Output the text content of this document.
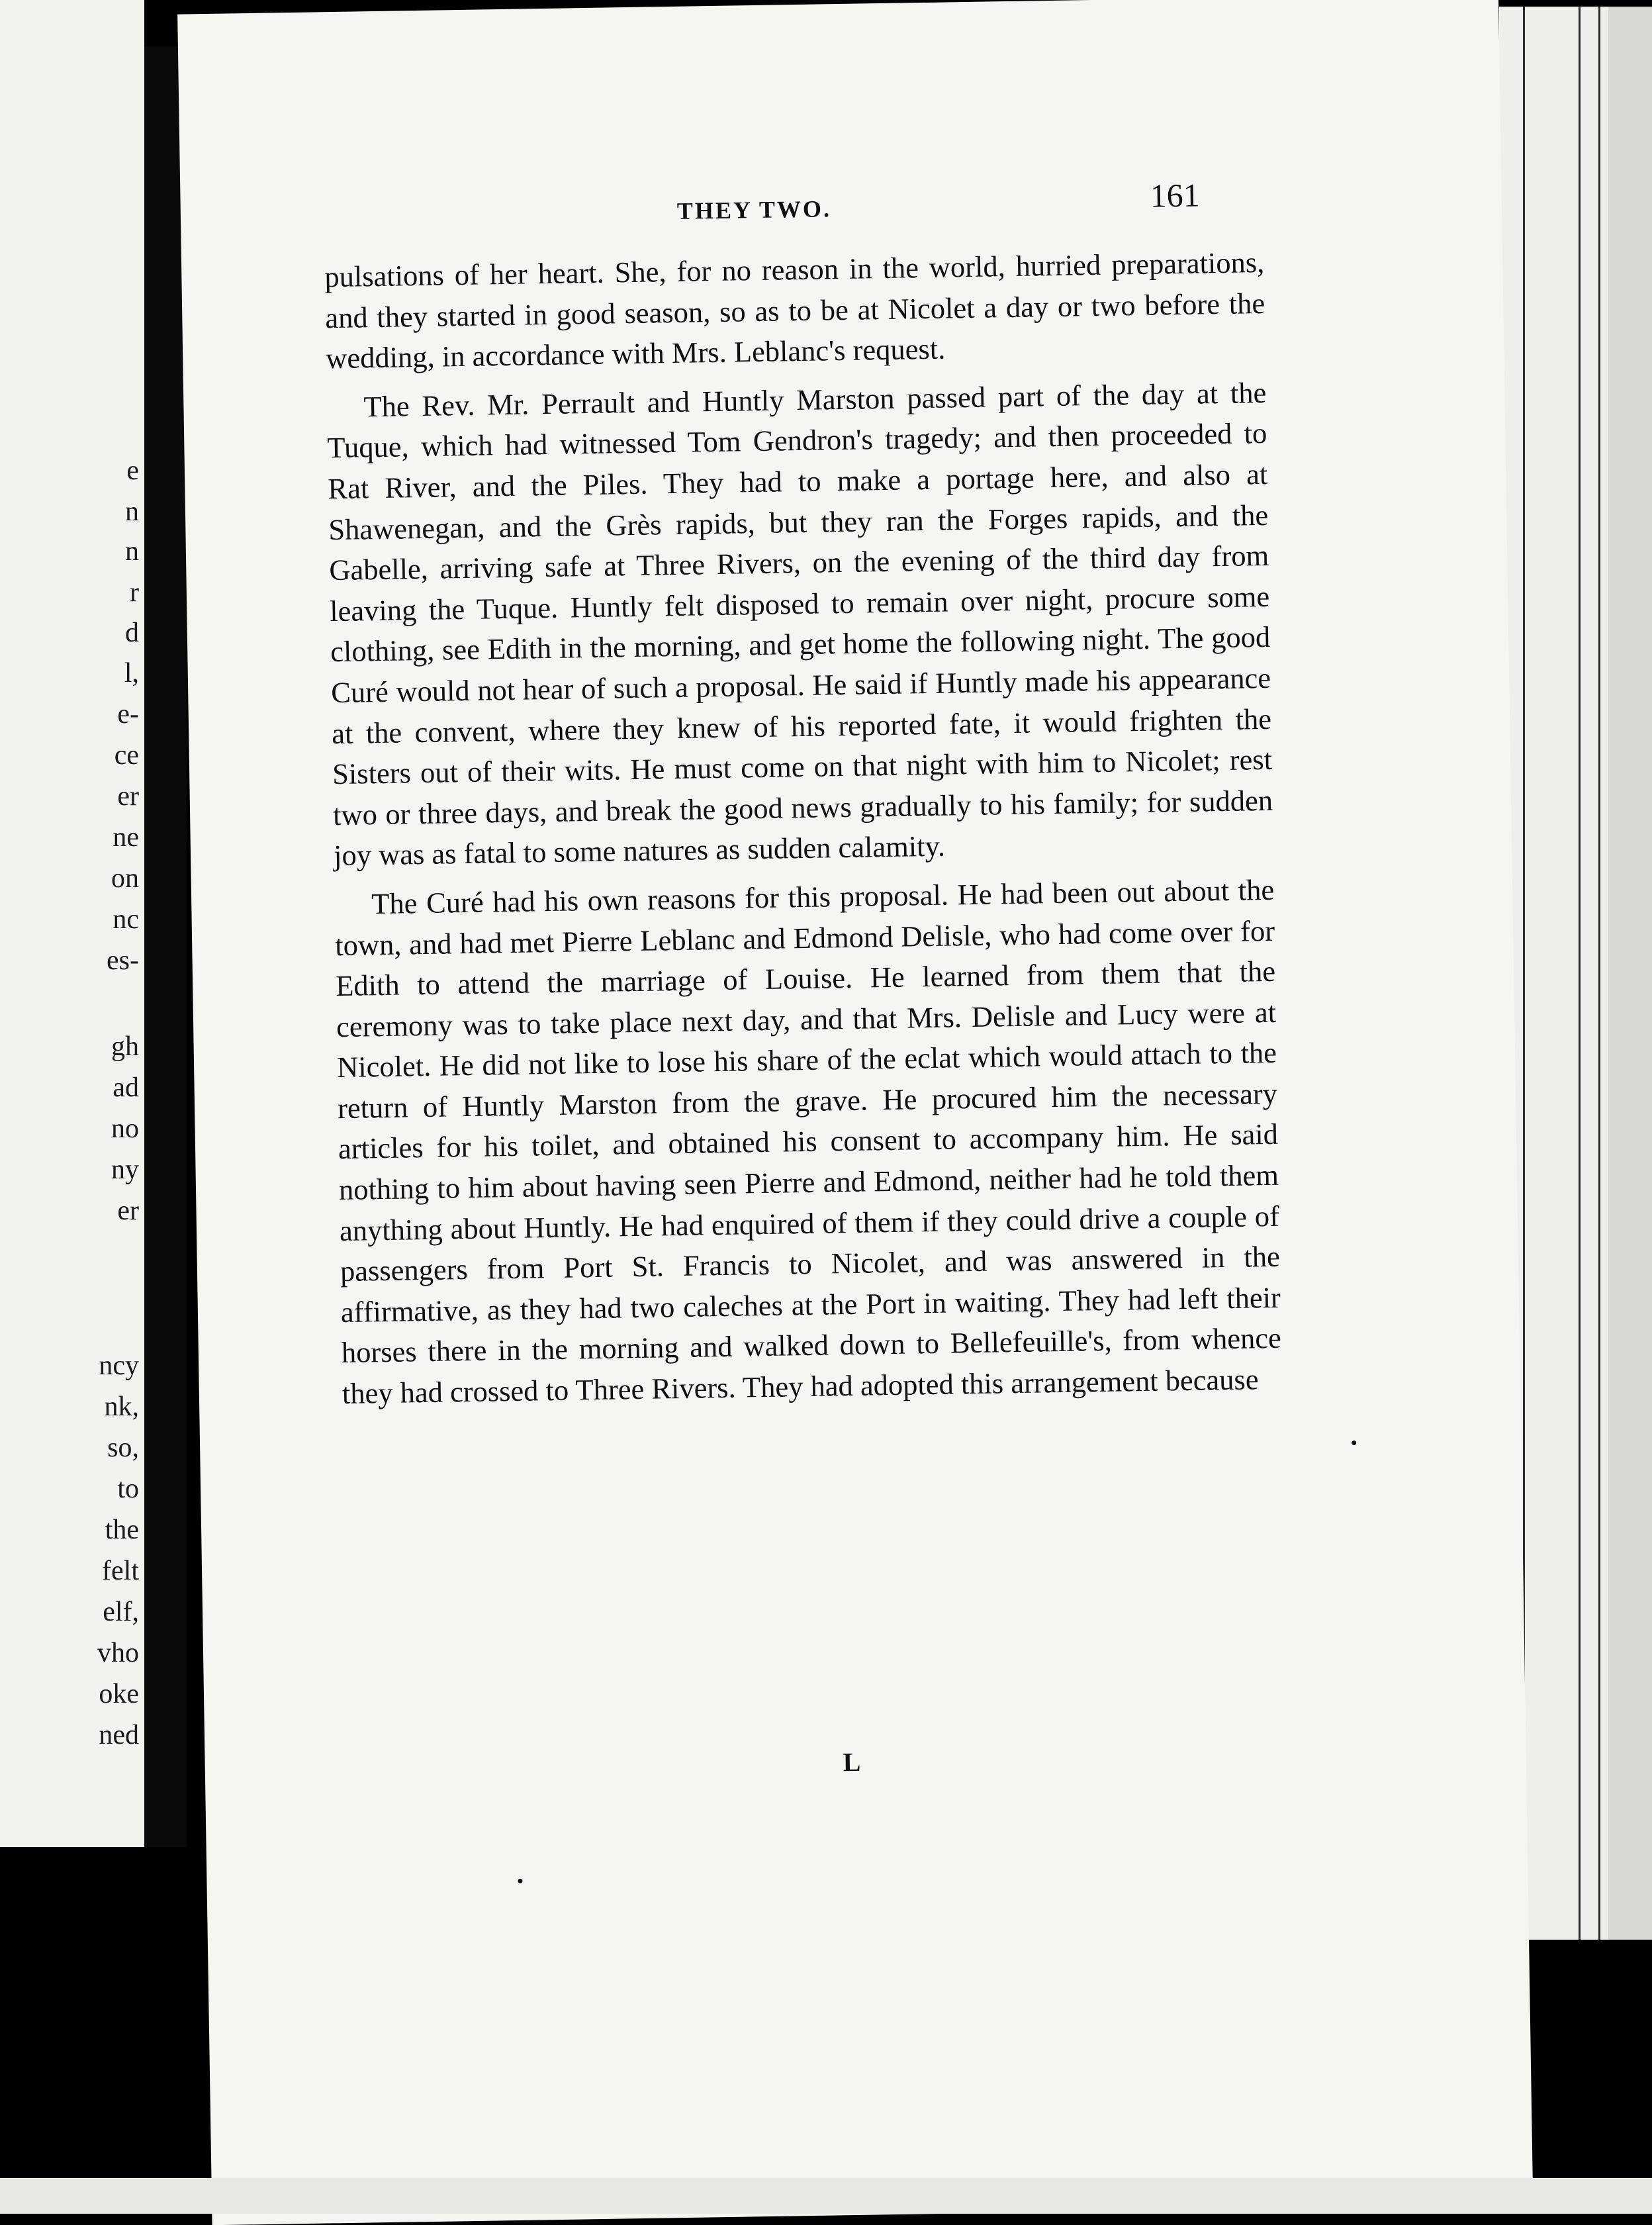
e
n
n
r
d
l,
e-
ce
er
ne
on
nc
es-
gh
ad
no
ny
er
ncy
nk,
so,
to
the
felt
elf,
vho
oke
ned
THEY TWO.	161

pulsations of her heart. She, for no reason in the world, hurried preparations, and they started in good season, so as to be at Nicolet a day or two before the wedding, in accordance with Mrs. Leblanc's request.

The Rev. Mr. Perrault and Huntly Marston passed part of the day at the Tuque, which had witnessed Tom Gendron's tragedy; and then proceeded to Rat River, and the Piles. They had to make a portage here, and also at Shawenegan, and the Grès rapids, but they ran the Forges rapids, and the Gabelle, arriving safe at Three Rivers, on the evening of the third day from leaving the Tuque. Huntly felt disposed to remain over night, procure some clothing, see Edith in the morning, and get home the following night. The good Curé would not hear of such a proposal. He said if Huntly made his appearance at the convent, where they knew of his reported fate, it would frighten the Sisters out of their wits. He must come on that night with him to Nicolet; rest two or three days, and break the good news gradually to his family; for sudden joy was as fatal to some natures as sudden calamity.

The Curé had his own reasons for this proposal. He had been out about the town, and had met Pierre Leblanc and Edmond Delisle, who had come over for Edith to attend the marriage of Louise. He learned from them that the ceremony was to take place next day, and that Mrs. Delisle and Lucy were at Nicolet. He did not like to lose his share of the eclat which would attach to the return of Huntly Marston from the grave. He procured him the necessary articles for his toilet, and obtained his consent to accompany him. He said nothing to him about having seen Pierre and Edmond, neither had he told them anything about Huntly. He had enquired of them if they could drive a couple of passengers from Port St. Francis to Nicolet, and was answered in the affirmative, as they had two caleches at the Port in waiting. They had left their horses there in the morning and walked down to Bellefeuille's, from whence they had crossed to Three Rivers. They had adopted this arrangement because

L
